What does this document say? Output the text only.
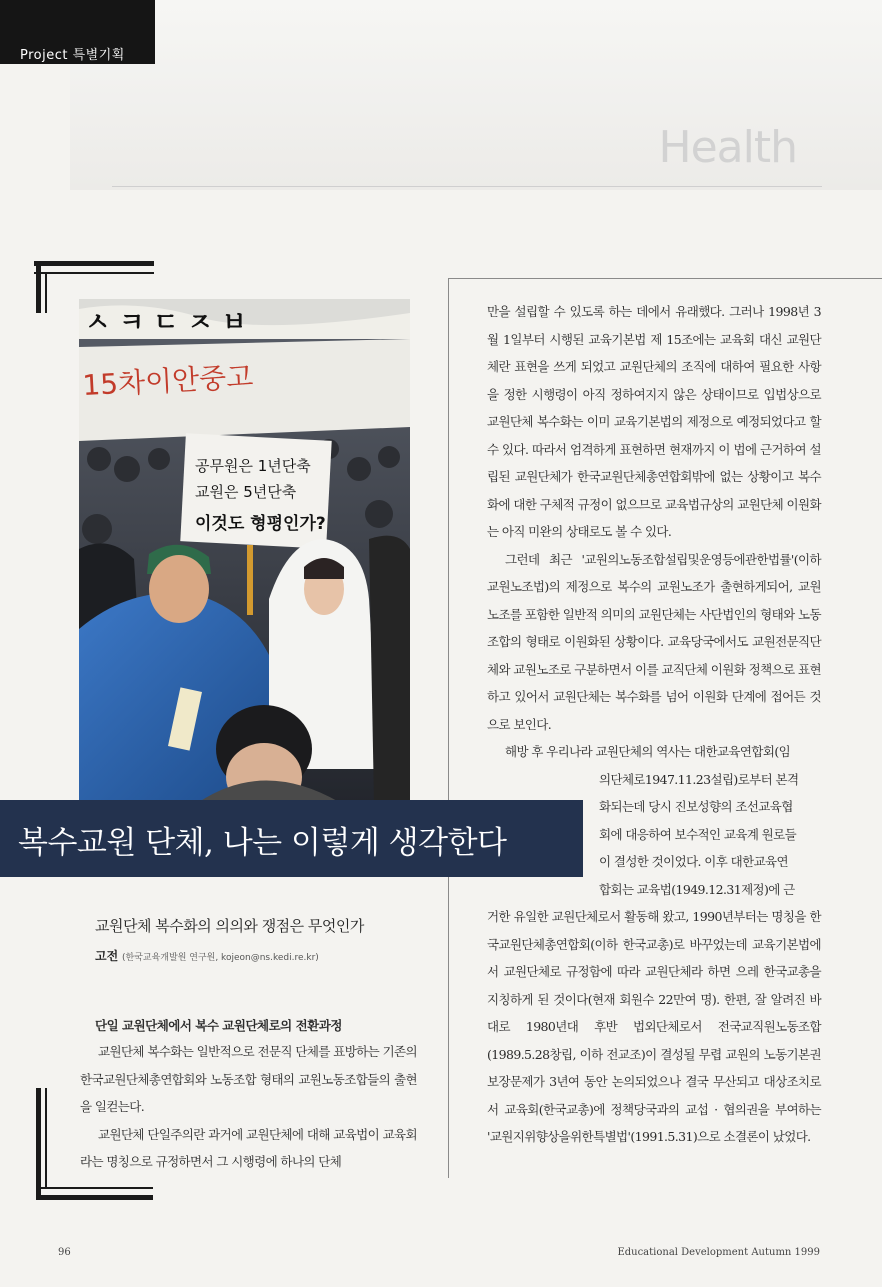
Health
Project 특별기획
ㅅ ㅋ ㄷ ㅈ ㅂ
15차이안중고
공무원은 1년단축
교원은 5년단축
이것도 형평인가?
복수교원 단체, 나는 이렇게 생각한다
교원단체 복수화의 의의와 쟁점은 무엇인가
고전 (한국교육개발원 연구원, kojeon@ns.kedi.re.kr)
단일 교원단체에서 복수 교원단체로의 전환과정

교원단체 복수화는 일반적으로 전문직 단체를 표방하는 기존의 한국교원단체총연합회와 노동조합 형태의 교원노동조합들의 출현을 일컫는다.

교원단체 단일주의란 과거에 교원단체에 대해 교육법이 교육회라는 명칭으로 규정하면서 그 시행령에 하나의 단체

만을 설립할 수 있도록 하는 데에서 유래했다. 그러나 1998년 3월 1일부터 시행된 교육기본법 제 15조에는 교육회 대신 교원단체란 표현을 쓰게 되었고 교원단체의 조직에 대하여 필요한 사항을 정한 시행령이 아직 정하여지지 않은 상태이므로 입법상으로 교원단체 복수화는 이미 교육기본법의 제정으로 예정되었다고 할 수 있다. 따라서 엄격하게 표현하면 현재까지 이 법에 근거하여 설립된 교원단체가 한국교원단체총연합회밖에 없는 상황이고 복수화에 대한 구체적 규정이 없으므로 교육법규상의 교원단체 이원화는 아직 미완의 상태로도 볼 수 있다.

그런데 최근 '교원의노동조합설립및운영등에관한법률'(이하 교원노조법)의 제정으로 복수의 교원노조가 출현하게되어, 교원노조를 포함한 일반적 의미의 교원단체는 사단법인의 형태와 노동조합의 형태로 이원화된 상황이다. 교육당국에서도 교원전문직단체와 교원노조로 구분하면서 이를 교직단체 이원화 정책으로 표현하고 있어서 교원단체는 복수화를 넘어 이원화 단계에 접어든 것으로 보인다.

해방 후 우리나라 교원단체의 역사는 대한교육연합회(임

의단체로1947.11.23설립)로부터 본격

화되는데 당시 진보성향의 조선교육협

회에 대응하여 보수적인 교육계 원로들

이 결성한 것이었다. 이후 대한교육연

합회는 교육법(1949.12.31제정)에 근

거한 유일한 교원단체로서 활동해 왔고, 1990년부터는 명칭을 한국교원단체총연합회(이하 한국교총)로 바꾸었는데 교육기본법에서 교원단체로 규정함에 따라 교원단체라 하면 으레 한국교총을 지칭하게 된 것이다(현재 회원수 22만여 명). 한편, 잘 알려진 바대로 1980년대 후반 법외단체로서 전국교직원노동조합(1989.5.28창립, 이하 전교조)이 결성될 무렵 교원의 노동기본권 보장문제가 3년여 동안 논의되었으나 결국 무산되고 대상조치로서 교육회(한국교총)에 정책당국과의 교섭 · 협의권을 부여하는 '교원지위향상을위한특별법'(1991.5.31)으로 소결론이 났었다.

96	Educational Development Autumn 1999
